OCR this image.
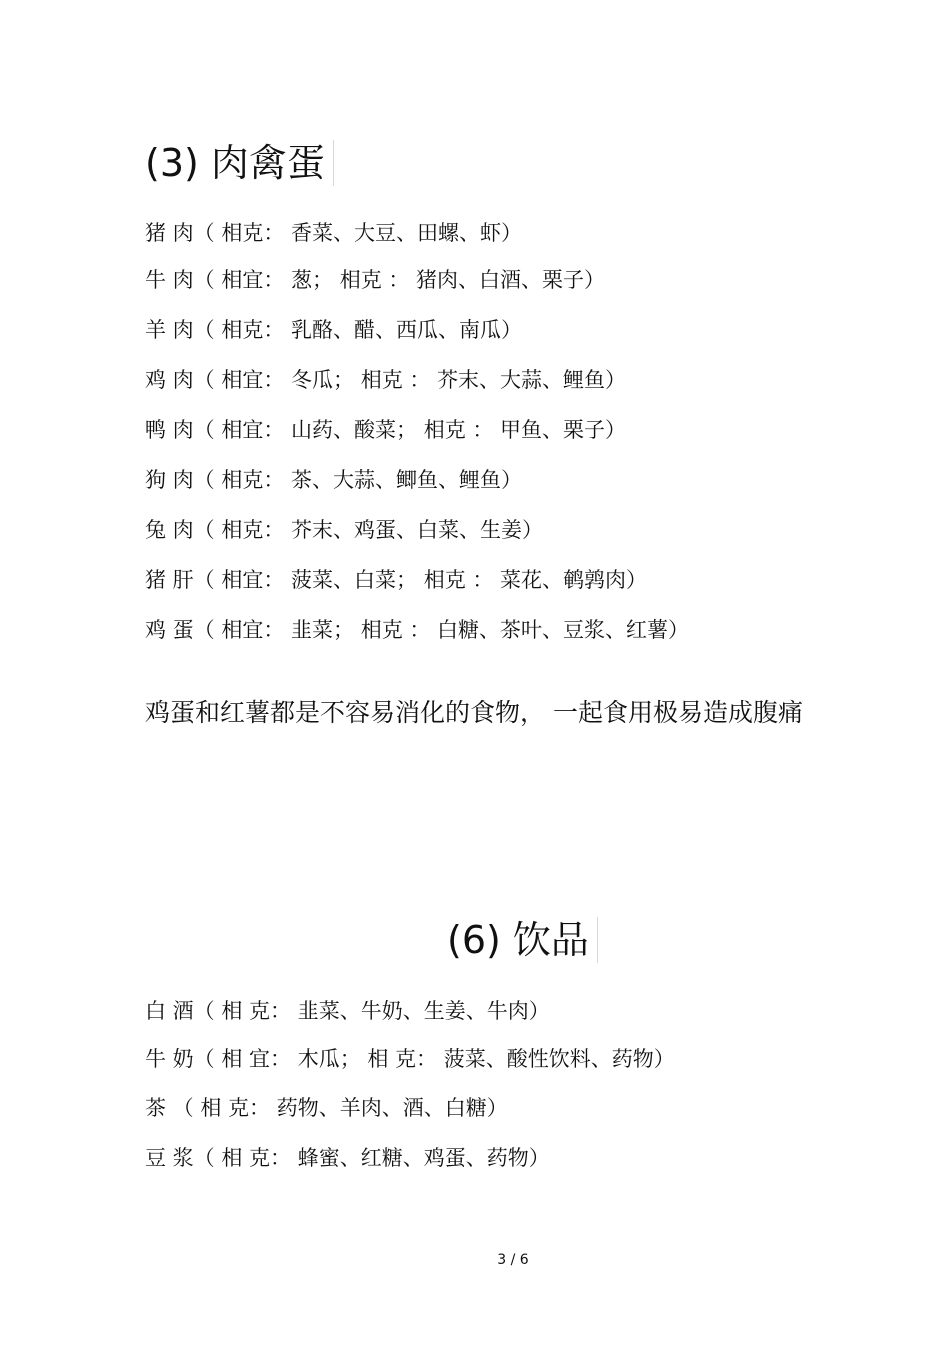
(3) 肉禽蛋
猪 肉（ 相克： 香菜、大豆、田螺、虾）
牛 肉（ 相宜： 葱； 相克 ： 猪肉、白酒、栗子）
羊 肉（ 相克： 乳酪、醋、西瓜、南瓜）
鸡 肉（ 相宜： 冬瓜； 相克 ： 芥末、大蒜、鲤鱼）
鸭 肉（ 相宜： 山药、酸菜； 相克 ： 甲鱼、栗子）
狗 肉（ 相克： 茶、大蒜、鲫鱼、鲤鱼）
兔 肉（ 相克： 芥末、鸡蛋、白菜、生姜）
猪 肝（ 相宜： 菠菜、白菜； 相克 ： 菜花、鹌鹑肉）
鸡 蛋（ 相宜： 韭菜； 相克 ： 白糖、茶叶、豆浆、红薯）
鸡蛋和红薯都是不容易消化的食物， 一起食用极易造成腹痛
(6) 饮品
白 酒（ 相 克： 韭菜、牛奶、生姜、牛肉）
牛 奶（ 相 宜： 木瓜； 相 克： 菠菜、酸性饮料、药物）
茶 （ 相 克： 药物、羊肉、酒、白糖）
豆 浆（ 相 克： 蜂蜜、红糖、鸡蛋、药物）
3 / 6
